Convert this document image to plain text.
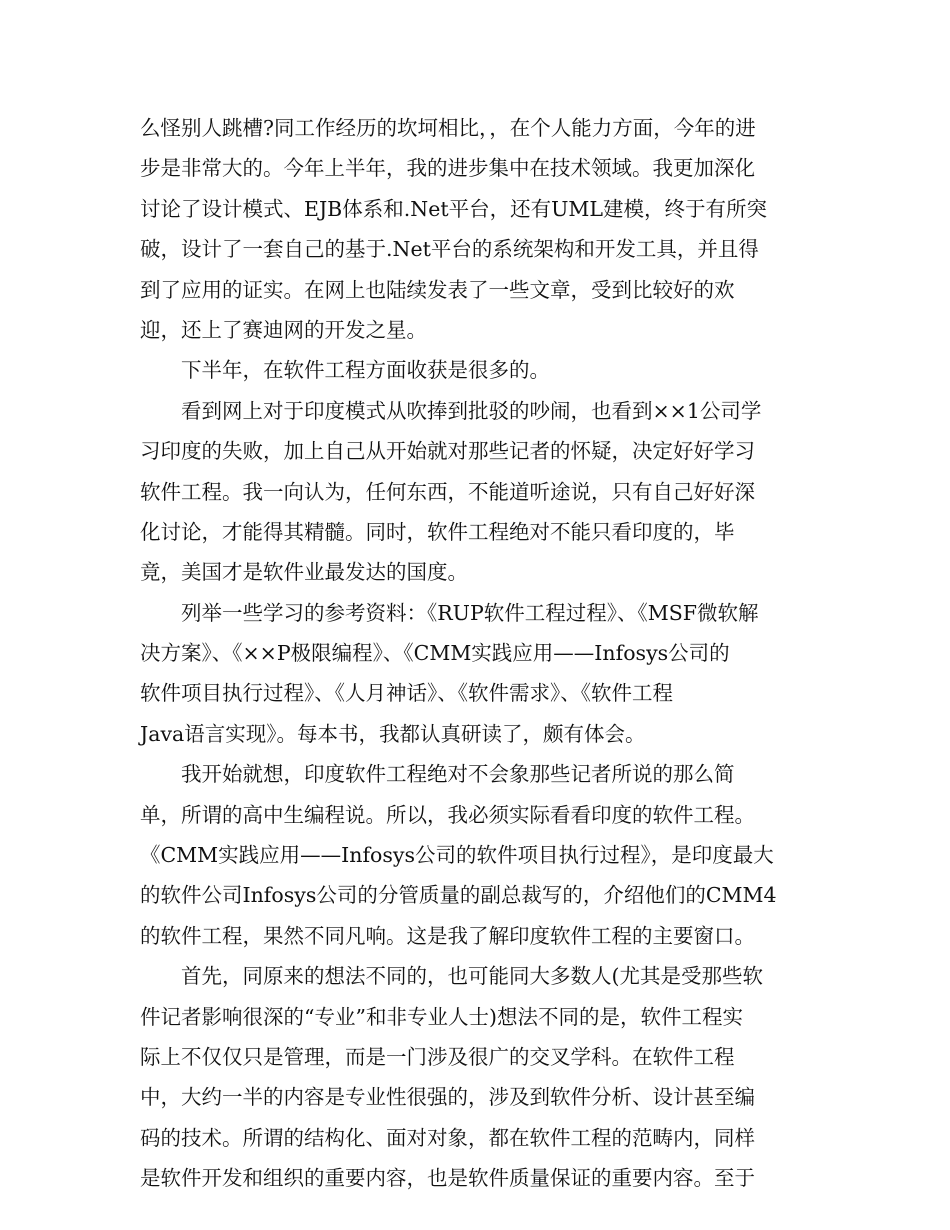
么怪别人跳槽?同工作经历的坎坷相比，，在个人能力方面，今年的进
步是非常大的。今年上半年，我的进步集中在技术领域。我更加深化
讨论了设计模式、EJB体系和.Net平台，还有UML建模，终于有所突
破，设计了一套自己的基于.Net平台的系统架构和开发工具，并且得
到了应用的证实。在网上也陆续发表了一些文章，受到比较好的欢
迎，还上了赛迪网的开发之星。
下半年，在软件工程方面收获是很多的。
看到网上对于印度模式从吹捧到批驳的吵闹，也看到××1公司学
习印度的失败，加上自己从开始就对那些记者的怀疑，决定好好学习
软件工程。我一向认为，任何东西，不能道听途说，只有自己好好深
化讨论，才能得其精髓。同时，软件工程绝对不能只看印度的，毕
竟，美国才是软件业最发达的国度。
列举一些学习的参考资料：《RUP软件工程过程》、《MSF微软解
决方案》、《××P极限编程》、《CMM实践应用——Infosys公司的
软件项目执行过程》、《人月神话》、《软件需求》、《软件工程
Java语言实现》。每本书，我都认真研读了，颇有体会。
我开始就想，印度软件工程绝对不会象那些记者所说的那么简
单，所谓的高中生编程说。所以，我必须实际看看印度的软件工程。
《CMM实践应用——Infosys公司的软件项目执行过程》，是印度最大
的软件公司Infosys公司的分管质量的副总裁写的，介绍他们的CMM4
的软件工程，果然不同凡响。这是我了解印度软件工程的主要窗口。
首先，同原来的想法不同的，也可能同大多数人(尤其是受那些软
件记者影响很深的“专业”和非专业人士)想法不同的是，软件工程实
际上不仅仅只是管理，而是一门涉及很广的交叉学科。在软件工程
中，大约一半的内容是专业性很强的，涉及到软件分析、设计甚至编
码的技术。所谓的结构化、面对对象，都在软件工程的范畴内，同样
是软件开发和组织的重要内容，也是软件质量保证的重要内容。至于
